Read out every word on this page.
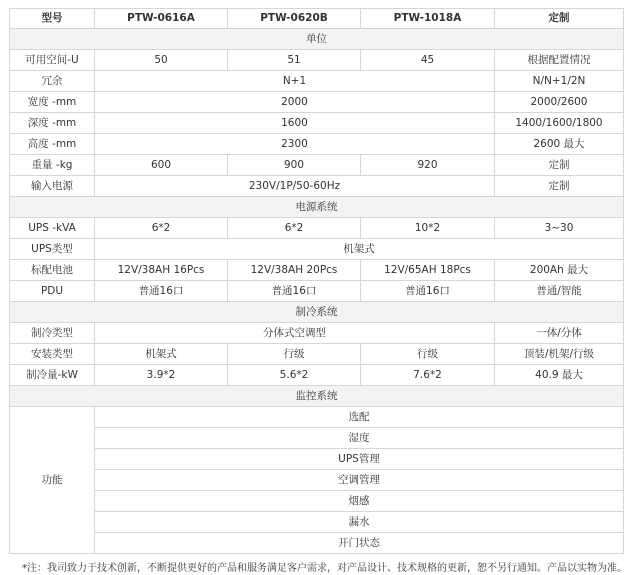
型号	PTW-0616A	PTW-0620B	PTW-1018A	定制
单位				
可用空间-U	50	51	45	根据配置情况
冗余	N+1			N/N+1/2N
宽度 -mm	2000			2000/2600
深度 -mm	1600			1400/1600/1800
高度 -mm	2300			2600 最大
重量 -kg	600	900	920	定制
输入电源	230V/1P/50-60Hz			定制
电源系统				
UPS -kVA	6*2	6*2	10*2	3~30
UPS类型	机架式			
标配电池	12V/38AH 16Pcs	12V/38AH 20Pcs	12V/65AH 18Pcs	200Ah 最大
PDU	普通16口	普通16口	普通16口	普通/智能
制冷系统				
制冷类型	分体式空调型			一体/分体
安装类型	机架式	行级	行级	顶装/机架/行级
制冷量-kW	3.9*2	5.6*2	7.6*2	40.9 最大
监控系统				
功能	选配			
	湿度			
	UPS管理			
	空调管理			
	烟感			
	漏水			
	开门状态			
*注：我司致力于技术创新，不断提供更好的产品和服务满足客户需求，对产品设计、技术规格的更新，恕不另行通知。产品以实物为准。
